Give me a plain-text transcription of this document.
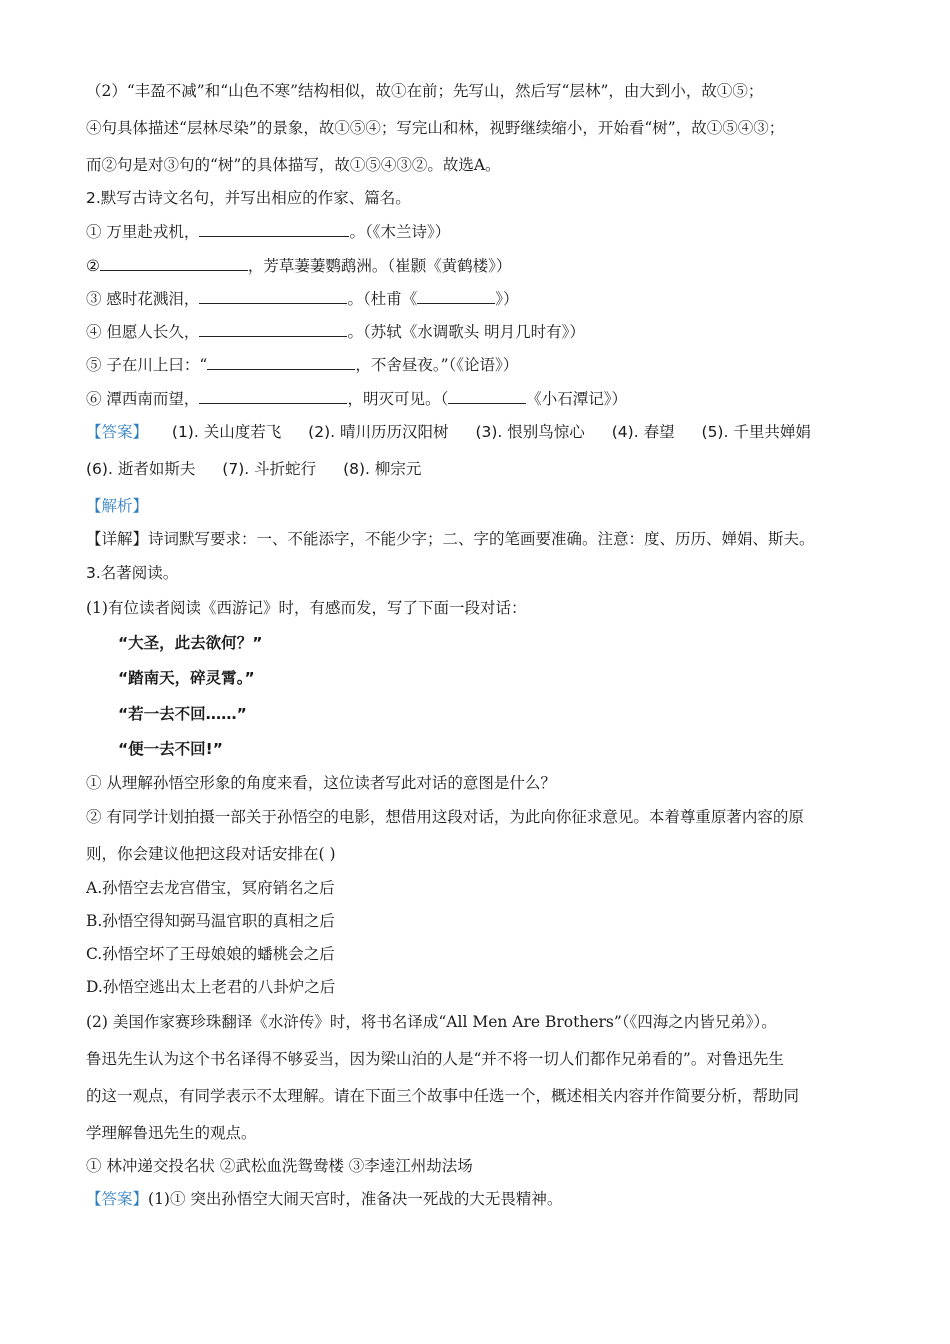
（2）“丰盈不减”和“山色不寒”结构相似，故①在前；先写山，然后写“层林”，由大到小，故①⑤；
④句具体描述“层林尽染”的景象，故①⑤④；写完山和林，视野继续缩小，开始看“树”，故①⑤④③；
而②句是对③句的“树”的具体描写，故①⑤④③②。故选A。
2.默写古诗文名句，并写出相应的作家、篇名。
① 万里赴戎机，	。（《木兰诗》）
②	，芳草萋萋鹦鹉洲。（崔颢《黄鹤楼》）
③ 感时花溅泪，	。（杜甫《	》）
④ 但愿人长久，	。（苏轼《水调歌头 明月几时有》）
⑤ 子在川上曰：“	，不舍昼夜。”（《论语》）
⑥ 潭西南而望，	，明灭可见。（	《小石潭记》）
【答案】 (1). 关山度若飞 (2). 晴川历历汉阳树 (3). 恨别鸟惊心 (4). 春望 (5). 千里共婵娟
(6). 逝者如斯夫 (7). 斗折蛇行 (8). 柳宗元
【解析】
【详解】诗词默写要求：一、不能添字，不能少字；二、字的笔画要准确。注意：度、历历、婵娟、斯夫。
3.名著阅读。
(1)有位读者阅读《西游记》时，有感而发，写了下面一段对话：
“大圣，此去欲何？”
“踏南天，碎灵霄。”
“若一去不回……”
“便一去不回!”
① 从理解孙悟空形象的角度来看，这位读者写此对话的意图是什么？
② 有同学计划拍摄一部关于孙悟空的电影，想借用这段对话，为此向你征求意见。本着尊重原著内容的原
则，你会建议他把这段对话安排在( )
A.孙悟空去龙宫借宝，冥府销名之后
B.孙悟空得知弼马温官职的真相之后
C.孙悟空坏了王母娘娘的蟠桃会之后
D.孙悟空逃出太上老君的八卦炉之后
(2) 美国作家赛珍珠翻译《水浒传》时，将书名译成“All Men Are Brothers”（《四海之内皆兄弟》）。
鲁迅先生认为这个书名译得不够妥当，因为梁山泊的人是“并不将一切人们都作兄弟看的”。对鲁迅先生
的这一观点，有同学表示不太理解。请在下面三个故事中任选一个，概述相关内容并作简要分析，帮助同
学理解鲁迅先生的观点。
① 林冲递交投名状 ②武松血洗鸳鸯楼 ③李逵江州劫法场
【答案】(1)① 突出孙悟空大闹天宫时，准备决一死战的大无畏精神。
